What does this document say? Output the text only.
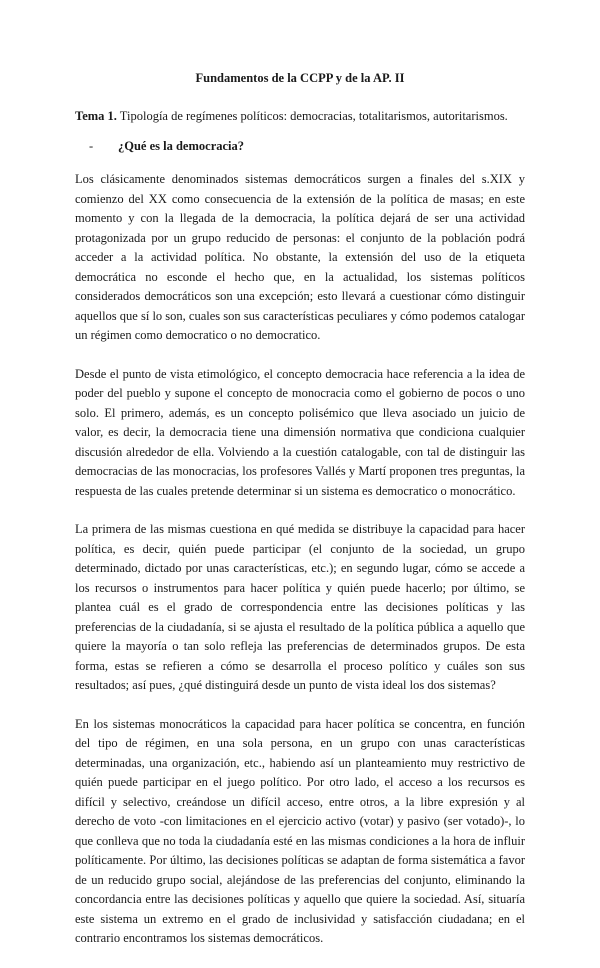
Fundamentos de la CCPP y de la AP. II
Tema 1. Tipología de regímenes políticos: democracias, totalitarismos, autoritarismos.
- ¿Qué es la democracia?

Los clásicamente denominados sistemas democráticos surgen a finales del s.XIX y comienzo del XX como consecuencia de la extensión de la política de masas; en este momento y con la llegada de la democracia, la política dejará de ser una actividad protagonizada por un grupo reducido de personas: el conjunto de la población podrá acceder a la actividad política. No obstante, la extensión del uso de la etiqueta democrática no esconde el hecho que, en la actualidad, los sistemas políticos considerados democráticos son una excepción; esto llevará a cuestionar cómo distinguir aquellos que sí lo son, cuales son sus características peculiares y cómo podemos catalogar un régimen como democratico o no democratico.

Desde el punto de vista etimológico, el concepto democracia hace referencia a la idea de poder del pueblo y supone el concepto de monocracia como el gobierno de pocos o uno solo. El primero, además, es un concepto polisémico que lleva asociado un juicio de valor, es decir, la democracia tiene una dimensión normativa que condiciona cualquier discusión alrededor de ella. Volviendo a la cuestión catalogable, con tal de distinguir las democracias de las monocracias, los profesores Vallés y Martí proponen tres preguntas, la respuesta de las cuales pretende determinar si un sistema es democratico o monocrático.

La primera de las mismas cuestiona en qué medida se distribuye la capacidad para hacer política, es decir, quién puede participar (el conjunto de la sociedad, un grupo determinado, dictado por unas características, etc.); en segundo lugar, cómo se accede a los recursos o instrumentos para hacer política y quién puede hacerlo; por último, se plantea cuál es el grado de correspondencia entre las decisiones políticas y las preferencias de la ciudadanía, si se ajusta el resultado de la política pública a aquello que quiere la mayoría o tan solo refleja las preferencias de determinados grupos. De esta forma, estas se refieren a cómo se desarrolla el proceso político y cuáles son sus resultados; así pues, ¿qué distinguirá desde un punto de vista ideal los dos sistemas?

En los sistemas monocráticos la capacidad para hacer política se concentra, en función del tipo de régimen, en una sola persona, en un grupo con unas características determinadas, una organización, etc., habiendo así un planteamiento muy restrictivo de quién puede participar en el juego político. Por otro lado, el acceso a los recursos es difícil y selectivo, creándose un difícil acceso, entre otros, a la libre expresión y al derecho de voto -con limitaciones en el ejercicio activo (votar) y pasivo (ser votado)-, lo que conlleva que no toda la ciudadanía esté en las mismas condiciones a la hora de influir políticamente. Por último, las decisiones políticas se adaptan de forma sistemática a favor de un reducido grupo social, alejándose de las preferencias del conjunto, eliminando la concordancia entre las decisiones políticas y aquello que quiere la sociedad. Así, situaría este sistema un extremo en el grado de inclusividad y satisfacción ciudadana; en el contrario encontramos los sistemas democráticos.
